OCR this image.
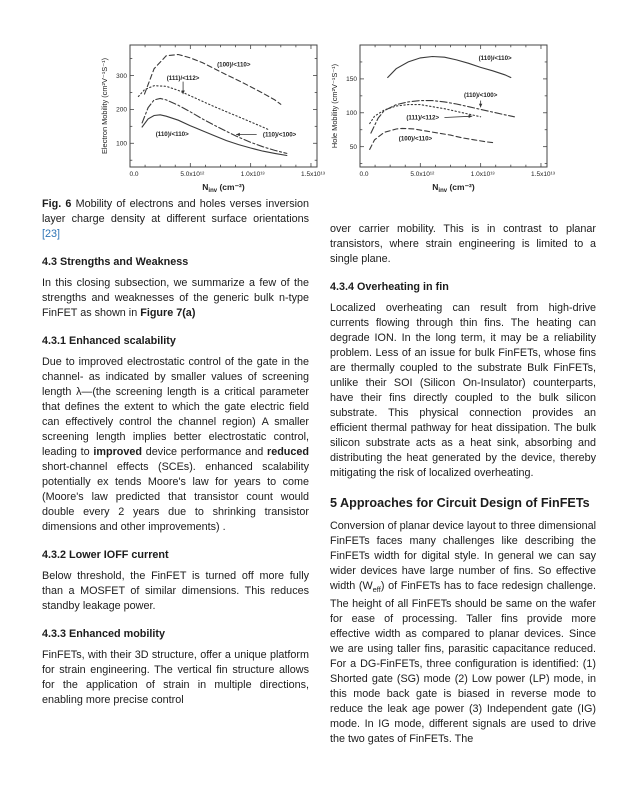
0.0	5.0x10¹²	1.0x10¹³	1.5x10¹³
100
200
300
(100)/<110>
(111)/<112>
(110)/<110>	(110)/<100>
Electron Mobility (cm²V⁻¹S⁻¹)
$N_{inv}$ (cm⁻²)
0.0	5.0x10¹²	1.0x10¹³	1.5x10¹³
50
100
150
(110)/<110>
(110)/<100>
(111)/<112>
(100)/<110>
Hole Mobility (cm²V⁻¹S⁻¹)
$N_{inv}$ (cm⁻²)

Fig. 6 Mobility of electrons and holes verses inversion layer charge density at different surface orientations [23]

4.3 Strengths and Weakness

In this closing subsection, we summarize a few of the strengths and weaknesses of the generic bulk n-type FinFET as shown in Figure 7(a)

4.3.1 Enhanced scalability

Due to improved electrostatic control of the gate in the channel- as indicated by smaller values of screening length λ—(the screening length is a critical parameter that defines the extent to which the gate electric field can effectively control the channel region) A smaller screening length implies better electrostatic control, leading to improved device performance and reduced short-channel effects (SCEs). enhanced scalability potentially ex tends Moore's law for years to come (Moore's law predicted that transistor count would double every 2 years due to shrinking transistor dimensions and other improvements) .

4.3.2 Lower IOFF current

Below threshold, the FinFET is turned off more fully than a MOSFET of similar dimensions. This reduces standby leakage power.

4.3.3 Enhanced mobility

FinFETs, with their 3D structure, offer a unique platform for strain engineering. The vertical fin structure allows for the application of strain in multiple directions, enabling more precise control

over carrier mobility. This is in contrast to planar transistors, where strain engineering is limited to a single plane.

4.3.4 Overheating in fin

Localized overheating can result from high-drive currents flowing through thin fins. The heating can degrade ION. In the long term, it may be a reliability problem. Less of an issue for bulk FinFETs, whose fins are thermally coupled to the substrate Bulk FinFETs, unlike their SOI (Silicon On-Insulator) counterparts, have their fins directly coupled to the bulk silicon substrate. This physical connection provides an efficient thermal pathway for heat dissipation. The bulk silicon substrate acts as a heat sink, absorbing and distributing the heat generated by the device, thereby mitigating the risk of localized overheating.

5 Approaches for Circuit Design of FinFETs

Conversion of planar device layout to three dimensional FinFETs faces many challenges like describing the FinFETs width for digital style. In general we can say wider devices have large number of fins. So effective width $(W_{eff})$ of FinFETs has to face redesign challenge. The height of all FinFETs should be same on the wafer for ease of processing. Taller fins provide more effective width as compared to planar devices. Since we are using taller fins, parasitic capacitance reduced. For a DG-FinFETs, three configuration is identified: (1) Shorted gate (SG) mode (2) Low power (LP) mode, in this mode back gate is biased in reverse mode to reduce the leak age power (3) Independent gate (IG) mode. In IG mode, different signals are used to drive the two gates of FinFETs. The
